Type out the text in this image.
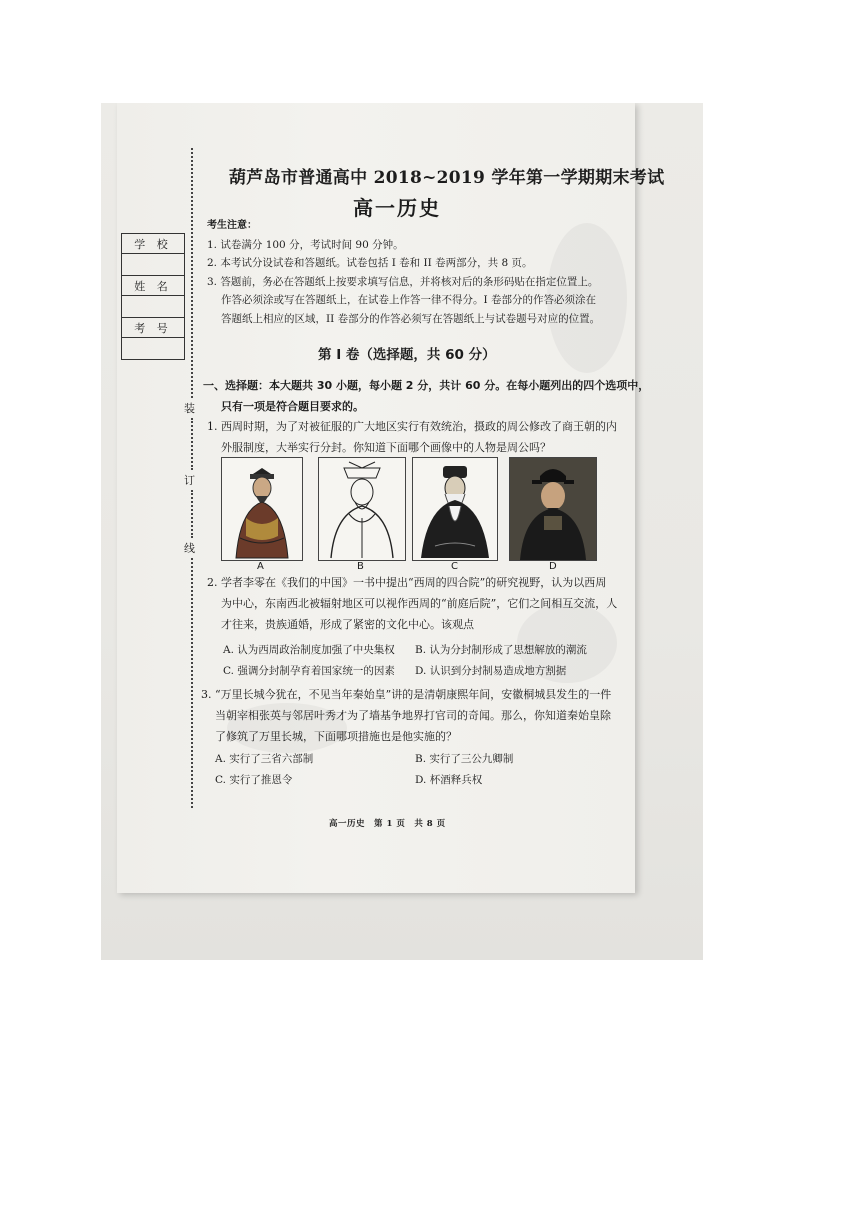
学 校

姓 名

考 号

装
订
线
葫芦岛市普通高中 2018~2019 学年第一学期期末考试
高一历史
考生注意：
1. 试卷满分 100 分，考试时间 90 分钟。
2. 本考试分设试卷和答题纸。试卷包括 I 卷和 II 卷两部分，共 8 页。
3. 答题前，务必在答题纸上按要求填写信息，并将核对后的条形码贴在指定位置上。
作答必须涂或写在答题纸上，在试卷上作答一律不得分。I 卷部分的作答必须涂在
答题纸上相应的区域，II 卷部分的作答必须写在答题纸上与试卷题号对应的位置。
第 I 卷（选择题，共 60 分）
一、选择题：本大题共 30 小题，每小题 2 分，共计 60 分。在每小题列出的四个选项中，
只有一项是符合题目要求的。
1. 西周时期，为了对被征服的广大地区实行有效统治，摄政的周公修改了商王朝的内
外服制度，大举实行分封。你知道下面哪个画像中的人物是周公吗？
A	B	C	D
2. 学者李零在《我们的中国》一书中提出“西周的四合院”的研究视野，认为以西周
为中心，东南西北被辐射地区可以视作西周的“前庭后院”，它们之间相互交流，人
才往来，贵族通婚，形成了紧密的文化中心。该观点
A. 认为西周政治制度加强了中央集权 B. 认为分封制形成了思想解放的潮流
C. 强调分封制孕育着国家统一的因素 D. 认识到分封制易造成地方割据
3. “万里长城今犹在，不见当年秦始皇”讲的是清朝康熙年间，安徽桐城县发生的一件
当朝宰相张英与邻居叶秀才为了墙基争地界打官司的奇闻。那么，你知道秦始皇除
了修筑了万里长城，下面哪项措施也是他实施的？
A. 实行了三省六部制	B. 实行了三公九卿制
C. 实行了推恩令	D. 杯酒释兵权
高一历史　第 1 页　共 8 页
